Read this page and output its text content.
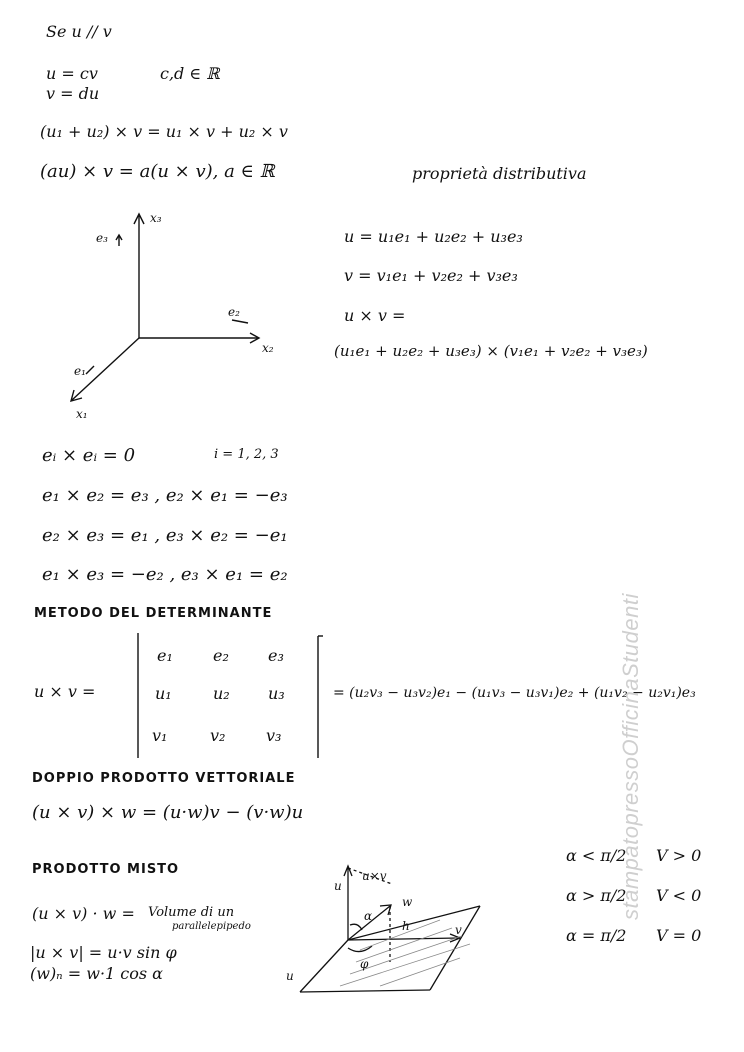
Se u // v
u = cv	c,d ∈ ℝ
v = du
(u₁ + u₂) × v = u₁ × v + u₂ × v
(au) × v = a(u × v), a ∈ ℝ	proprietà distributiva
x₃
e₃
x₂
e₂
e₁
x₁
u = u₁e₁ + u₂e₂ + u₃e₃
v = v₁e₁ + v₂e₂ + v₃e₃
u × v =
(u₁e₁ + u₂e₂ + u₃e₃) × (v₁e₁ + v₂e₂ + v₃e₃)
eᵢ × eᵢ = 0	i = 1, 2, 3
e₁ × e₂ = e₃ , e₂ × e₁ = −e₃
e₂ × e₃ = e₁ , e₃ × e₂ = −e₁
e₁ × e₃ = −e₂ , e₃ × e₁ = e₂
METODO DEL DETERMINANTE
u × v =
e₁	e₂ e₃
u₁	u₂ u₃
v₁	v₂	v₃
= (u₂v₃ − u₃v₂)e₁ − (u₁v₃ − u₃v₁)e₂ + (u₁v₂ − u₂v₁)e₃
DOPPIO PRODOTTO VETTORIALE
(u × v) × w = (u·w)v − (v·w)u
PRODOTTO MISTO
(u × v) · w = Volume di un
parallelepipedo
|u × v| = u·v sin φ
(w)ₙ = w·1 cos α
u×v
u
w
α
h
φ
v
u
α < π/2 V > 0
α > π/2 V < 0
α = π/2 V = 0
stampatopressoOfficinaStudenti
